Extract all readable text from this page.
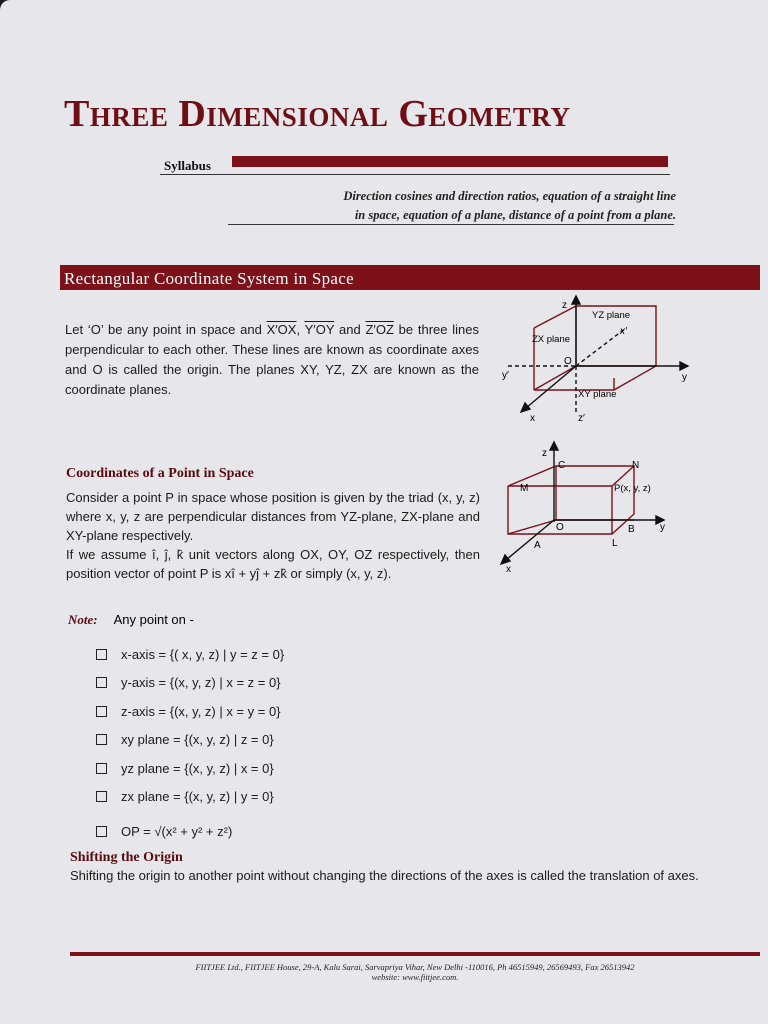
Three Dimensional Geometry
Syllabus
Direction cosines and direction ratios, equation of a straight line
in space, equation of a plane, distance of a point from a plane.
Rectangular Coordinate System in Space
Let ‘O’ be any point in space and X′OX, Y′OY and Z′OZ be three lines perpendicular to each other. These lines are known as coordinate axes and O is called the origin. The planes XY, YZ, ZX are known as the coordinate planes.
z
YZ plane
x′
ZX plane
y′
O
y
XY plane
x	z′
Coordinates of a Point in Space
Consider a point P in space whose position is given by the triad (x, y, z) where x, y, z are perpendicular distances from YZ-plane, ZX-plane and XY-plane respectively.
If we assume î, ĵ, k̂ unit vectors along OX, OY, OZ respectively, then position vector of point P is xî + yĵ + zk̂ or simply (x, y, z).
z
C	N
M	P(x, y, z)
O	B	y
A	L
x
Note: Any point on -
x-axis = {( x, y, z) | y = z = 0}
y-axis = {(x, y, z) | x = z = 0}
z-axis = {(x, y, z) | x = y = 0}
xy plane = {(x, y, z) | z = 0}
yz plane = {(x, y, z) | x = 0}
zx plane = {(x, y, z) | y = 0}
OP = √(x² + y² + z²)
Shifting the Origin
Shifting the origin to another point without changing the directions of the axes is called the translation of axes.
FIITJEE Ltd., FIITJEE House, 29-A, Kalu Sarai, Sarvapriya Vihar, New Delhi -110016, Ph 46515949, 26569493, Fax 26513942
website: www.fiitjee.com.
